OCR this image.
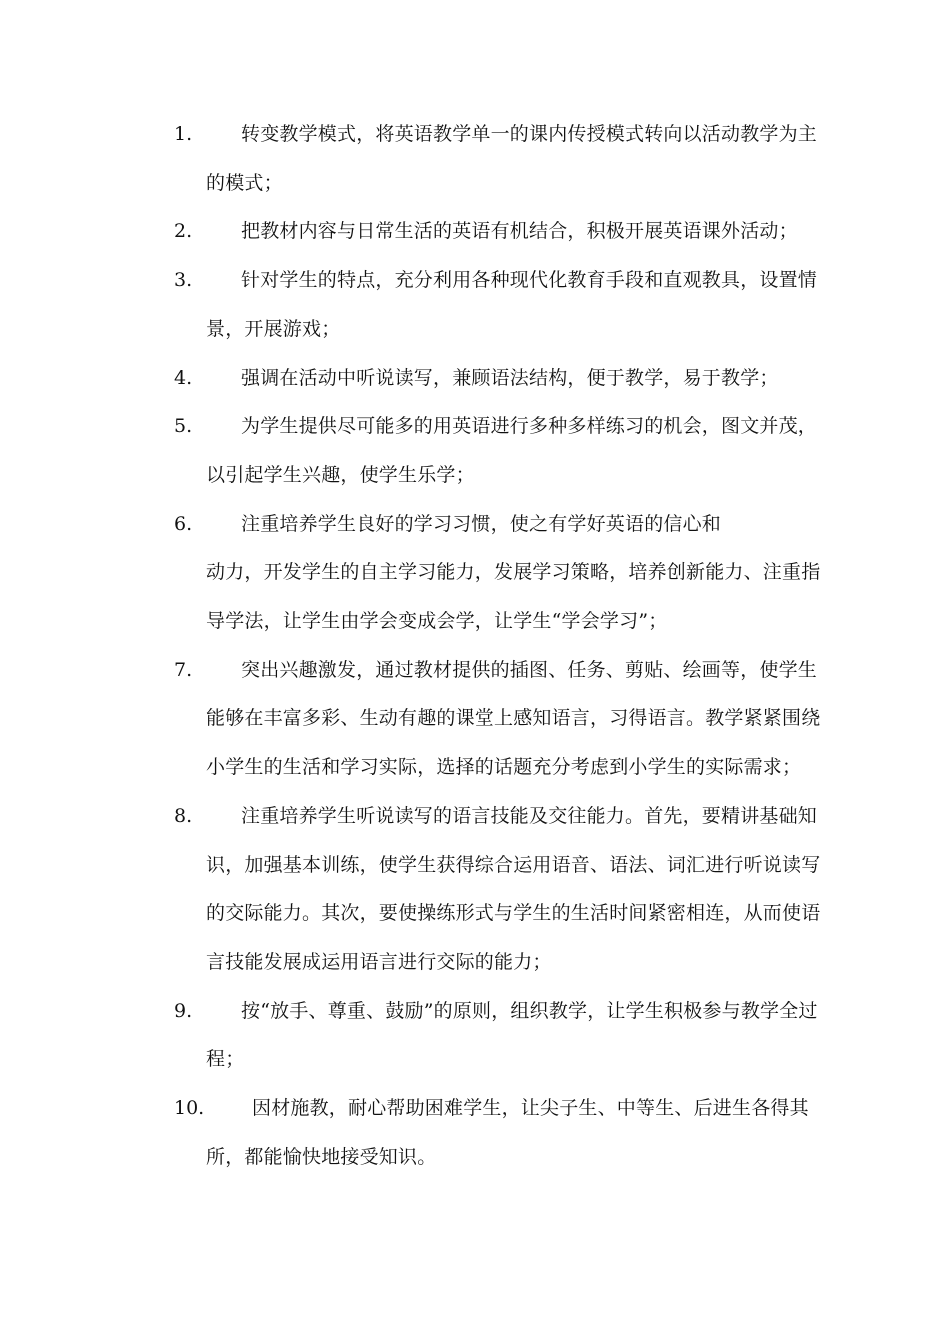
1.	转变教学模式，将英语教学单一的课内传授模式转向以活动教学为主的模式；
2.	把教材内容与日常生活的英语有机结合，积极开展英语课外活动；
3.	针对学生的特点，充分利用各种现代化教育手段和直观教具，设置情景，开展游戏；
4.	强调在活动中听说读写，兼顾语法结构，便于教学，易于教学；
5.	为学生提供尽可能多的用英语进行多种多样练习的机会，图文并茂，以引起学生兴趣，使学生乐学；
6.	注重培养学生良好的学习习惯，使之有学好英语的信心和
动力，开发学生的自主学习能力，发展学习策略，培养创新能力、注重指导学法，让学生由学会变成会学，让学生“学会学习”；
7.	突出兴趣激发，通过教材提供的插图、任务、剪贴、绘画等，使学生能够在丰富多彩、生动有趣的课堂上感知语言，习得语言。教学紧紧围绕小学生的生活和学习实际，选择的话题充分考虑到小学生的实际需求；
8.	注重培养学生听说读写的语言技能及交往能力。首先，要精讲基础知识，加强基本训练，使学生获得综合运用语音、语法、词汇进行听说读写的交际能力。其次，要使操练形式与学生的生活时间紧密相连，从而使语言技能发展成运用语言进行交际的能力；
9.	按“放手、尊重、鼓励”的原则，组织教学，让学生积极参与教学全过程；
10.	因材施教，耐心帮助困难学生，让尖子生、中等生、后进生各得其所，都能愉快地接受知识。
